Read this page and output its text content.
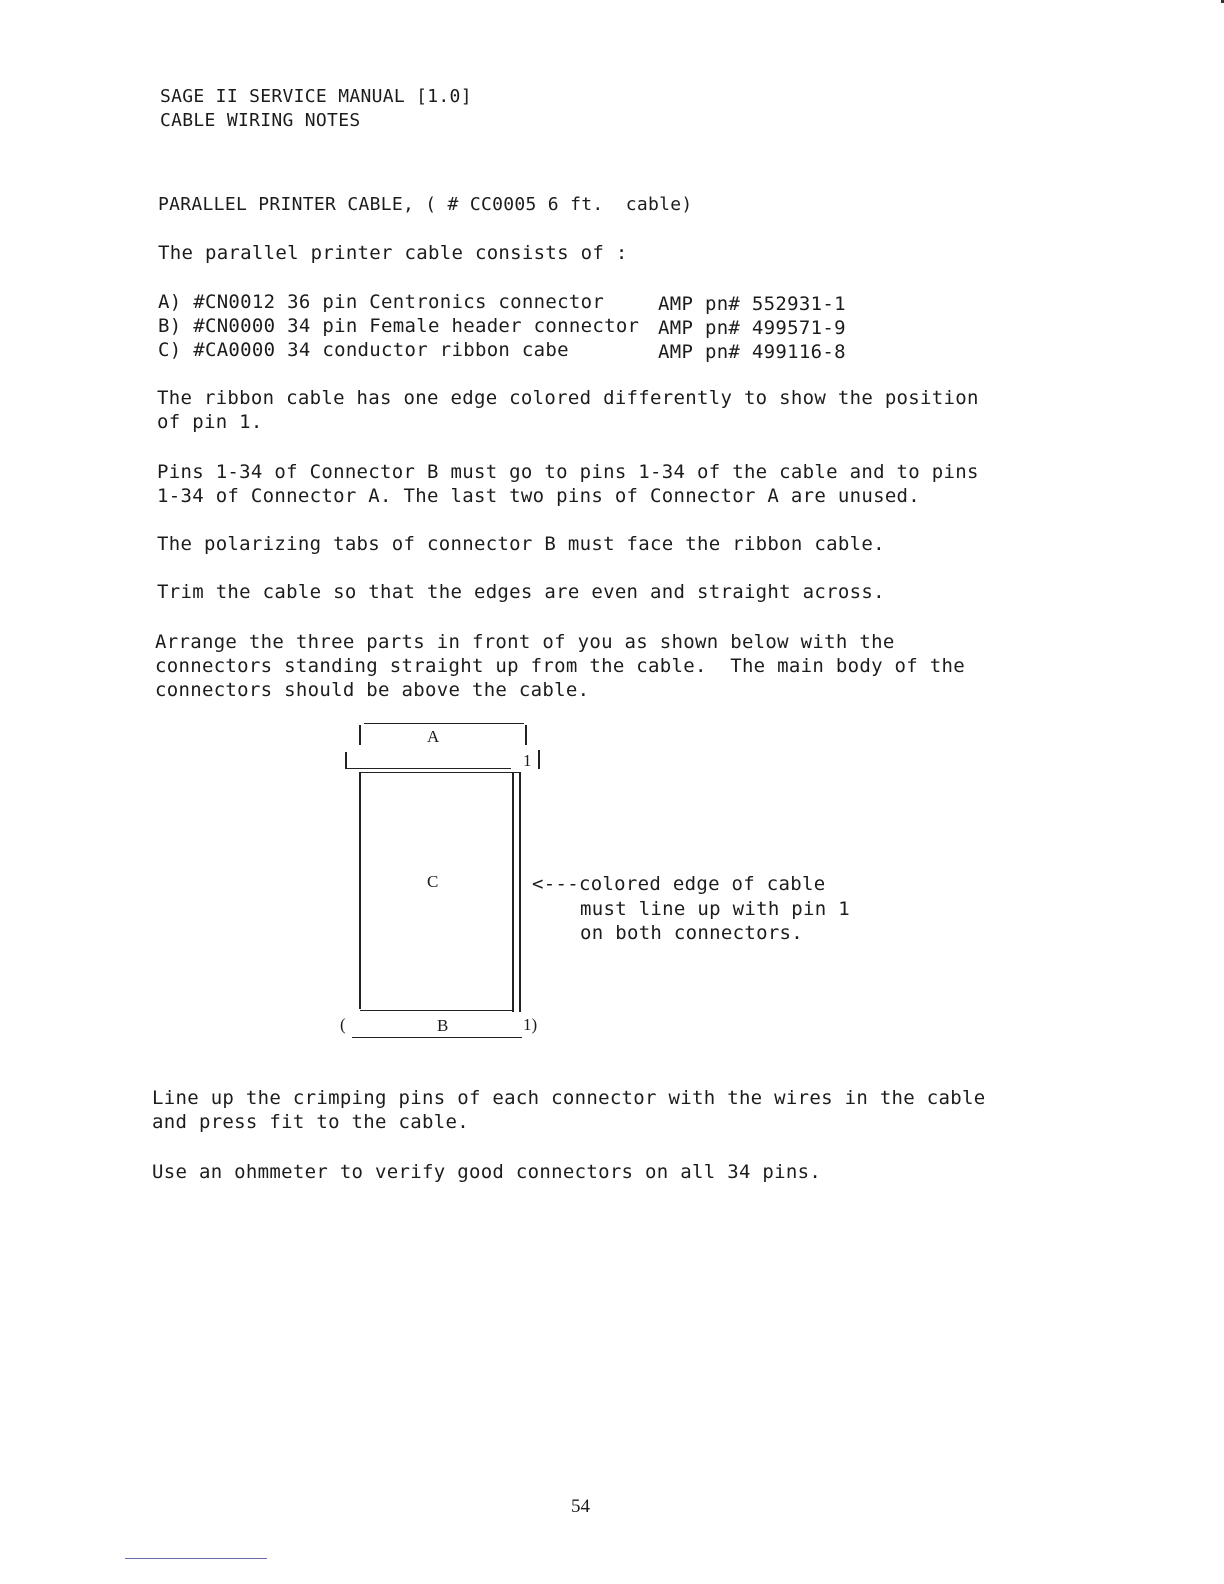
SAGE II SERVICE MANUAL [1.0]
CABLE WIRING NOTES
PARALLEL PRINTER CABLE, ( # CC0005 6 ft.  cable)
The parallel printer cable consists of :
A) #CN0012 36 pin Centronics connector	AMP pn# 552931-1
B) #CN0000 34 pin Female header connector AMP pn# 499571-9
C) #CA0000 34 conductor ribbon cabe	AMP pn# 499116-8
The ribbon cable has one edge colored differently to show the position
of pin 1.
Pins 1-34 of Connector B must go to pins 1-34 of the cable and to pins
1-34 of Connector A. The last two pins of Connector A are unused.
The polarizing tabs of connector B must face the ribbon cable.
Trim the cable so that the edges are even and straight across.
Arrange the three parts in front of you as shown below with the
connectors standing straight up from the cable.  The main body of the
connectors should be above the cable.
A
1
C
(	B	1)
<---colored edge of cable
must line up with pin 1
on both connectors.
Line up the crimping pins of each connector with the wires in the cable
and press fit to the cable.
Use an ohmmeter to verify good connectors on all 34 pins.
54
